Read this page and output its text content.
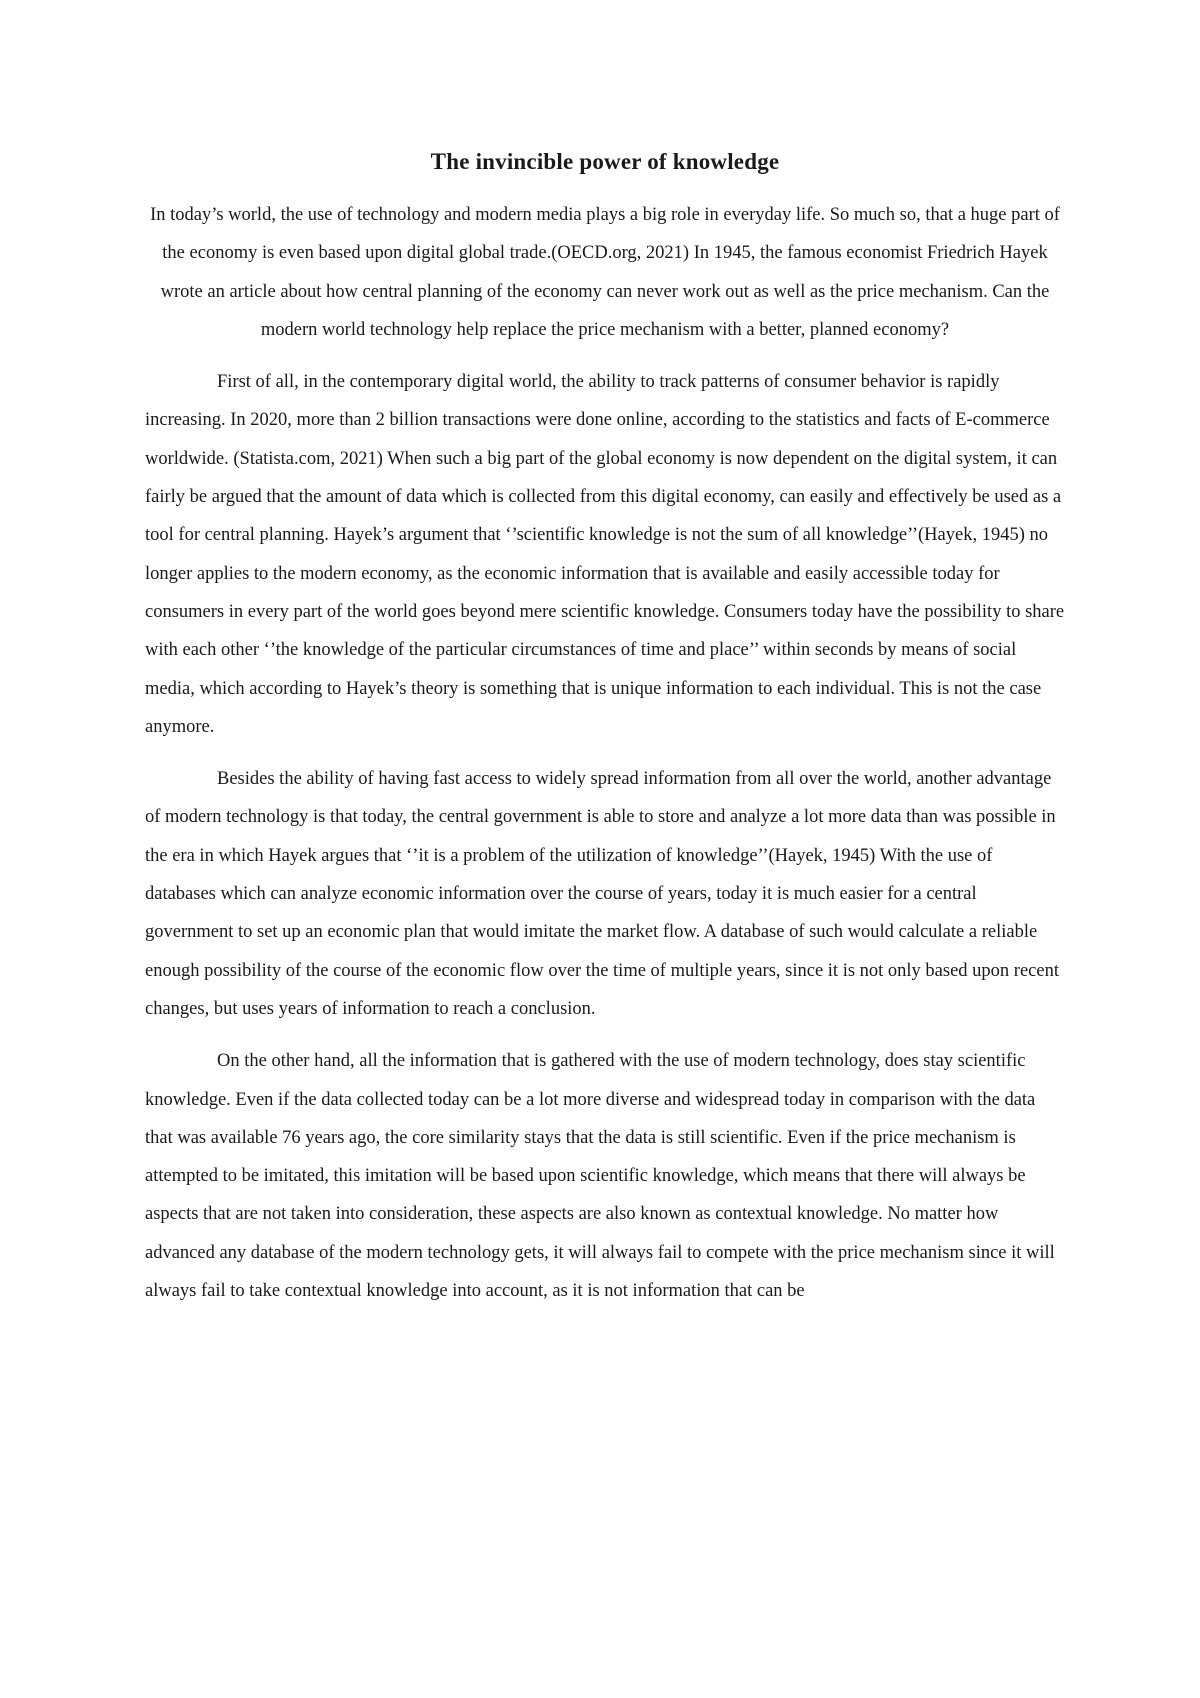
The invincible power of knowledge

In today’s world, the use of technology and modern media plays a big role in everyday life. So much so, that a huge part of the economy is even based upon digital global trade.(OECD.org, 2021) In 1945, the famous economist Friedrich Hayek wrote an article about how central planning of the economy can never work out as well as the price mechanism. Can the modern world technology help replace the price mechanism with a better, planned economy?

First of all, in the contemporary digital world, the ability to track patterns of consumer behavior is rapidly increasing. In 2020, more than 2 billion transactions were done online, according to the statistics and facts of E-commerce worldwide. (Statista.com, 2021) When such a big part of the global economy is now dependent on the digital system, it can fairly be argued that the amount of data which is collected from this digital economy, can easily and effectively be used as a tool for central planning. Hayek’s argument that ‘’scientific knowledge is not the sum of all knowledge’’(Hayek, 1945) no longer applies to the modern economy, as the economic information that is available and easily accessible today for consumers in every part of the world goes beyond mere scientific knowledge. Consumers today have the possibility to share with each other ‘’the knowledge of the particular circumstances of time and place’’ within seconds by means of social media, which according to Hayek’s theory is something that is unique information to each individual. This is not the case anymore.

Besides the ability of having fast access to widely spread information from all over the world, another advantage of modern technology is that today, the central government is able to store and analyze a lot more data than was possible in the era in which Hayek argues that ‘’it is a problem of the utilization of knowledge’’(Hayek, 1945) With the use of databases which can analyze economic information over the course of years, today it is much easier for a central government to set up an economic plan that would imitate the market flow. A database of such would calculate a reliable enough possibility of the course of the economic flow over the time of multiple years, since it is not only based upon recent changes, but uses years of information to reach a conclusion.

On the other hand, all the information that is gathered with the use of modern technology, does stay scientific knowledge. Even if the data collected today can be a lot more diverse and widespread today in comparison with the data that was available 76 years ago, the core similarity stays that the data is still scientific. Even if the price mechanism is attempted to be imitated, this imitation will be based upon scientific knowledge, which means that there will always be aspects that are not taken into consideration, these aspects are also known as contextual knowledge. No matter how advanced any database of the modern technology gets, it will always fail to compete with the price mechanism since it will always fail to take contextual knowledge into account, as it is not information that can be
